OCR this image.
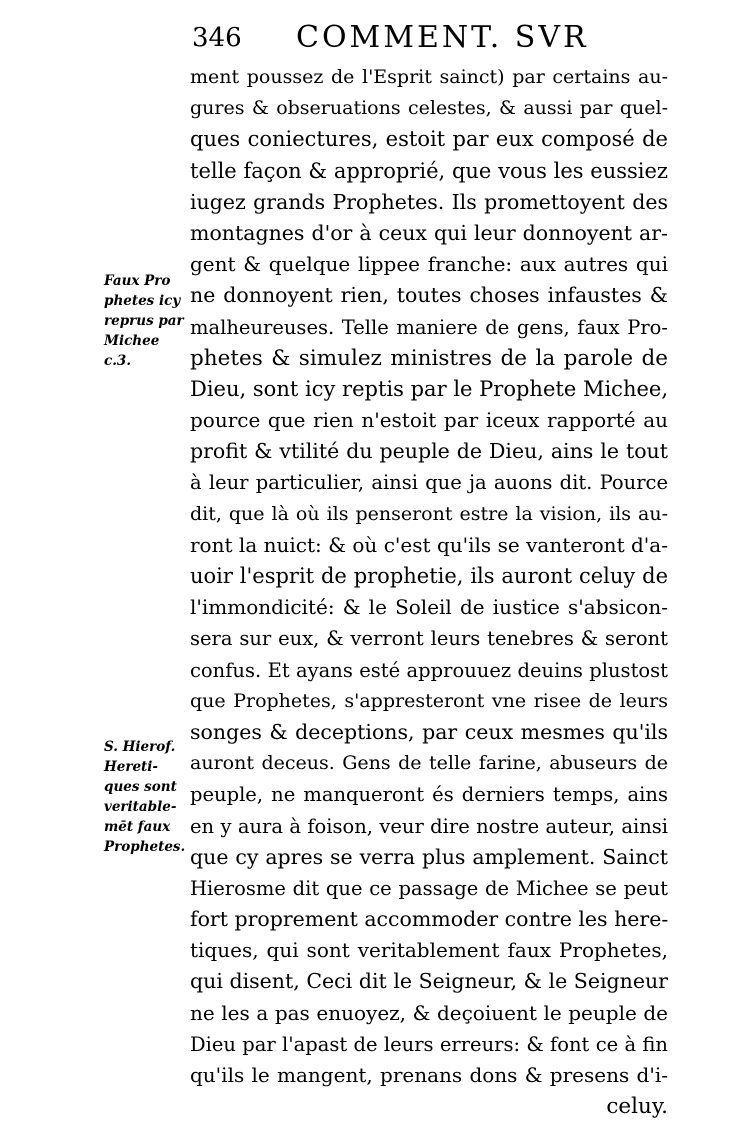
346 COMMENT. SVR
Faux Pro
phetes icy
reprus par
Michee
c.3.
S. Hierof.
Hereti-
ques sont
veritable-
mēt faux
Prophetes.
ment poussez de l'Esprit sainct) par certains au-
gures & obseruations celestes, & aussi par quel-
ques coniectures, estoit par eux composé de
telle façon & approprié, que vous les eussiez
iugez grands Prophetes. Ils promettoyent des
montagnes d'or à ceux qui leur donnoyent ar-
gent & quelque lippee franche: aux autres qui
ne donnoyent rien, toutes choses infaustes &
malheureuses. Telle maniere de gens, faux Pro-
phetes & simulez ministres de la parole de
Dieu, sont icy reptis par le Prophete Michee,
pource que rien n'estoit par iceux rapporté au
profit & vtilité du peuple de Dieu, ains le tout
à leur particulier, ainsi que ja auons dit. Pource
dit, que là où ils penseront estre la vision, ils au-
ront la nuict: & où c'est qu'ils se vanteront d'a-
uoir l'esprit de prophetie, ils auront celuy de
l'immondicité: & le Soleil de iustice s'absicon-
sera sur eux, & verront leurs tenebres & seront
confus. Et ayans esté approuuez deuins plustost
que Prophetes, s'appresteront vne risee de leurs
songes & deceptions, par ceux mesmes qu'ils
auront deceus. Gens de telle farine, abuseurs de
peuple, ne manqueront és derniers temps, ains
en y aura à foison, veur dire nostre auteur, ainsi
que cy apres se verra plus amplement. Sainct
Hierosme dit que ce passage de Michee se peut
fort proprement accommoder contre les here-
tiques, qui sont veritablement faux Prophetes,
qui disent, Ceci dit le Seigneur, & le Seigneur
ne les a pas enuoyez, & deçoiuent le peuple de
Dieu par l'apast de leurs erreurs: & font ce à fin
qu'ils le mangent, prenans dons & presens d'i-
celuy.
